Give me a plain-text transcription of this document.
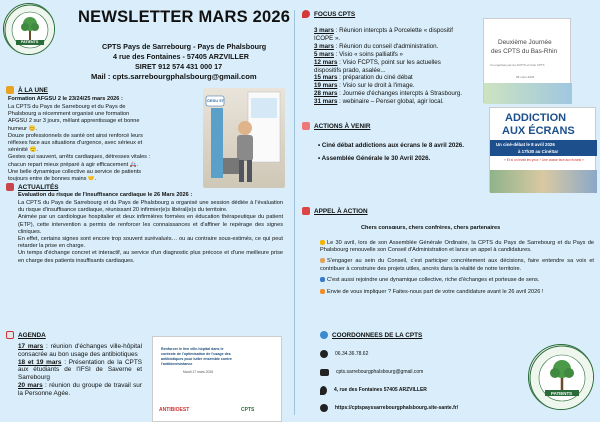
PATIENTS
NEWSLETTER MARS 2026
CPTS Pays de Sarrebourg - Pays de Phalsbourg
4 rue des Fontaines - 57405 ARZVILLER
SIRET 912 574 431 000 17
Mail : cpts.sarrebourgphalsbourg@gmail.com
À LA UNE
Formation AFGSU 2 le 23/24/25 mars 2026 :
La CPTS du Pays de Sarrebourg et du Pays de
Phalsbourg a récemment organisé une formation
AFGSU 2 sur 3 jours, mêlant apprentissage et bonne
humeur 😊.
Douze professionnels de santé ont ainsi renforcé leurs
réflexes face aux situations d'urgence, avec sérieux et
sérénité 🙂.
Gestes qui sauvent, arrêts cardiaques, détresses vitales :
chacun repart mieux préparé à agir efficacement 🚑.
Une belle dynamique collective au service de patients
toujours entre de bonnes mains 🤝.
CESU 57
ACTUALITÉS
Evaluation du risque de l'insuffisance cardiaque le 26 Mars 2026 :

La CPTS du Pays de Sarrebourg et du Pays de Phalsbourg a organisé une session dédiée à l'évaluation du risque d'insuffisance cardiaque, réunissant 20 infirmier(e)s libéral(e)s du territoire.

Animée par un cardiologue hospitalier et deux infirmières formées en éducation thérapeutique du patient (ETP), cette intervention a permis de renforcer les connaissances et d'affiner le repérage des signes cliniques.

En effet, certains signes sont encore trop souvent surévalués… ou au contraire sous-estimés, ce qui peut retarder la prise en charge.

Un temps d'échange concret et interactif, au service d'un diagnostic plus précoce et d'une meilleure prise en charge des patients insuffisants cardiaques.

AGENDA

17 mars : réunion d'échanges ville-hôpital consacrée au bon usage des antibiotiques

18 et 19 mars : Présentation de la CPTS aux étudiants de l'IFSI de Saverne et Sarrebourg

20 mars : réunion du groupe de travail sur la Personne Agée.

Renforcer le lien ville-hôpital dans le
contexte de l'optimisation de l'usage des
antibiotiques pour lutter ensemble contre
l'antibiorésistance
Mardi 17 mars 2026
ANTIBIOEST	CPTS
FOCUS CPTS

3 mars : Réunion intercpts à Porcelette « dispositif ICOPE ».

3 mars : Réunion du conseil d'administration.

5 mars : Visio « soins palliatifs »

12 mars : Visio FCPTS, point sur les actuelles dispositifs prado, asalée...

15 mars : préparation du ciné débat

19 mars : Visio sur le droit à l'image.

28 mars : Journée d'échanges intercpts à Strasbourg.

31 mars : webinaire – Penser global, agir local.

Deuxième Journée
des CPTS du Bas-Rhin
Co-organisée par les 4CPTS et l'inter CPTS
28 mars 2026
ACTIONS À VENIR

• Ciné débat addictions aux écrans le 8 avril 2026.

• Assemblée Générale le 30 Avril 2026.

ADDICTION
AUX ÉCRANS
Un ciné-débat le 8 avril 2026
à 17h30 au CinéSar
« Et si on levait les yeux ? Une classe face aux écrans »
APPEL À ACTION
Chers consœurs, chers confrères, chers partenaires

Le 30 avril, lors de son Assemblée Générale Ordinaire, la CPTS du Pays de Sarrebourg et du Pays de Phalsbourg renouvelle son Conseil d'Administration et lance un appel à candidatures.

S'engager au sein du Conseil, c'est participer concrètement aux décisions, faire entendre sa voix et contribuer à construire des projets utiles, ancrés dans la réalité de notre territoire.

C'est aussi rejoindre une dynamique collective, riche d'échanges et porteuse de sens.

Envie de vous impliquer ? Faites-nous part de votre candidature avant le 26 avril 2026 !

COORDONNEES DE LA CPTS
06.34.36.78.62
cpts.sarrebourgphalsbourg@gmail.com
4, rue des Fontaines 57405 ARZVILLER
https://cptspayssarrebourgphalsbourg.site-sante.fr/
PATIENTS
